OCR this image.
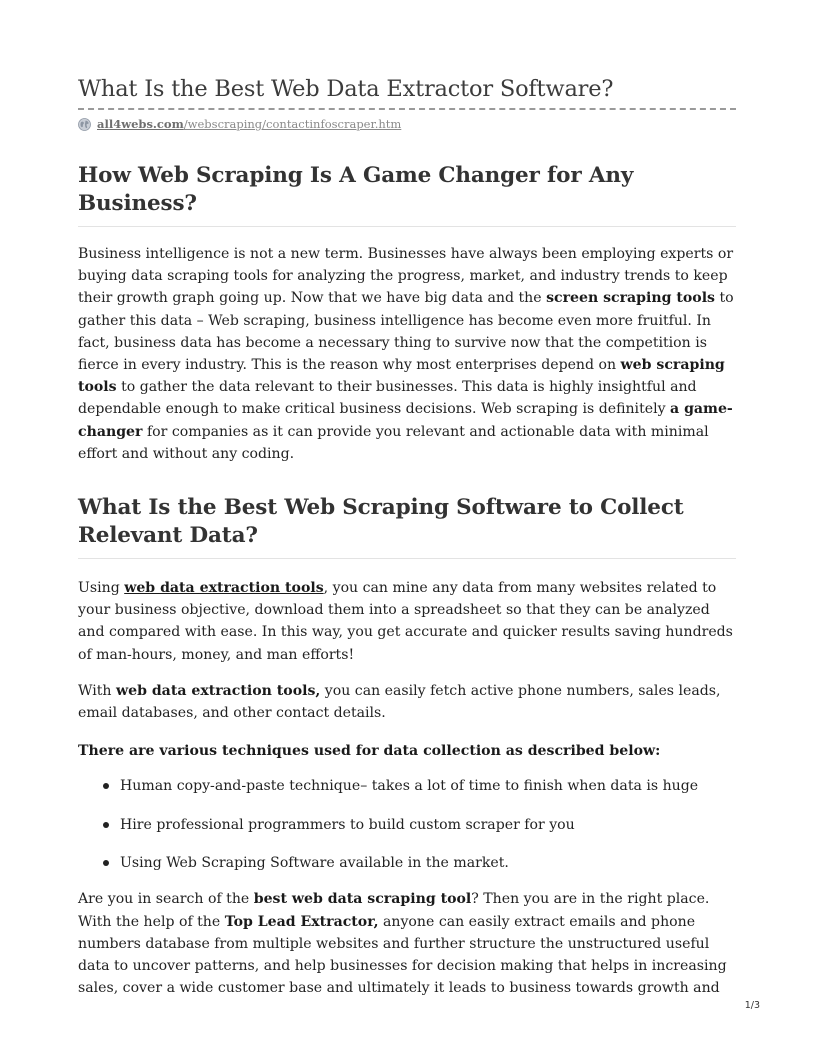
What Is the Best Web Data Extractor Software?
all4webs.com /webscraping/contactinfoscraper.htm
How Web Scraping Is A Game Changer for Any Business?

Business intelligence is not a new term. Businesses have always been employing experts or buying data scraping tools for analyzing the progress, market, and industry trends to keep their growth graph going up. Now that we have big data and the screen scraping tools to gather this data – Web scraping, business intelligence has become even more fruitful. In fact, business data has become a necessary thing to survive now that the competition is fierce in every industry. This is the reason why most enterprises depend on web scraping tools to gather the data relevant to their businesses. This data is highly insightful and dependable enough to make critical business decisions. Web scraping is definitely a game-changer for companies as it can provide you relevant and actionable data with minimal effort and without any coding.

What Is the Best Web Scraping Software to Collect Relevant Data?

Using web data extraction tools, you can mine any data from many websites related to your business objective, download them into a spreadsheet so that they can be analyzed and compared with ease. In this way, you get accurate and quicker results saving hundreds of man-hours, money, and man efforts!

With web data extraction tools, you can easily fetch active phone numbers, sales leads, email databases, and other contact details.

There are various techniques used for data collection as described below:

Human copy-and-paste technique– takes a lot of time to finish when data is huge
Hire professional programmers to build custom scraper for you
Using Web Scraping Software available in the market.

Are you in search of the best web data scraping tool? Then you are in the right place. With the help of the Top Lead Extractor, anyone can easily extract emails and phone numbers database from multiple websites and further structure the unstructured useful data to uncover patterns, and help businesses for decision making that helps in increasing sales, cover a wide customer base and ultimately it leads to business towards growth and

1/3
